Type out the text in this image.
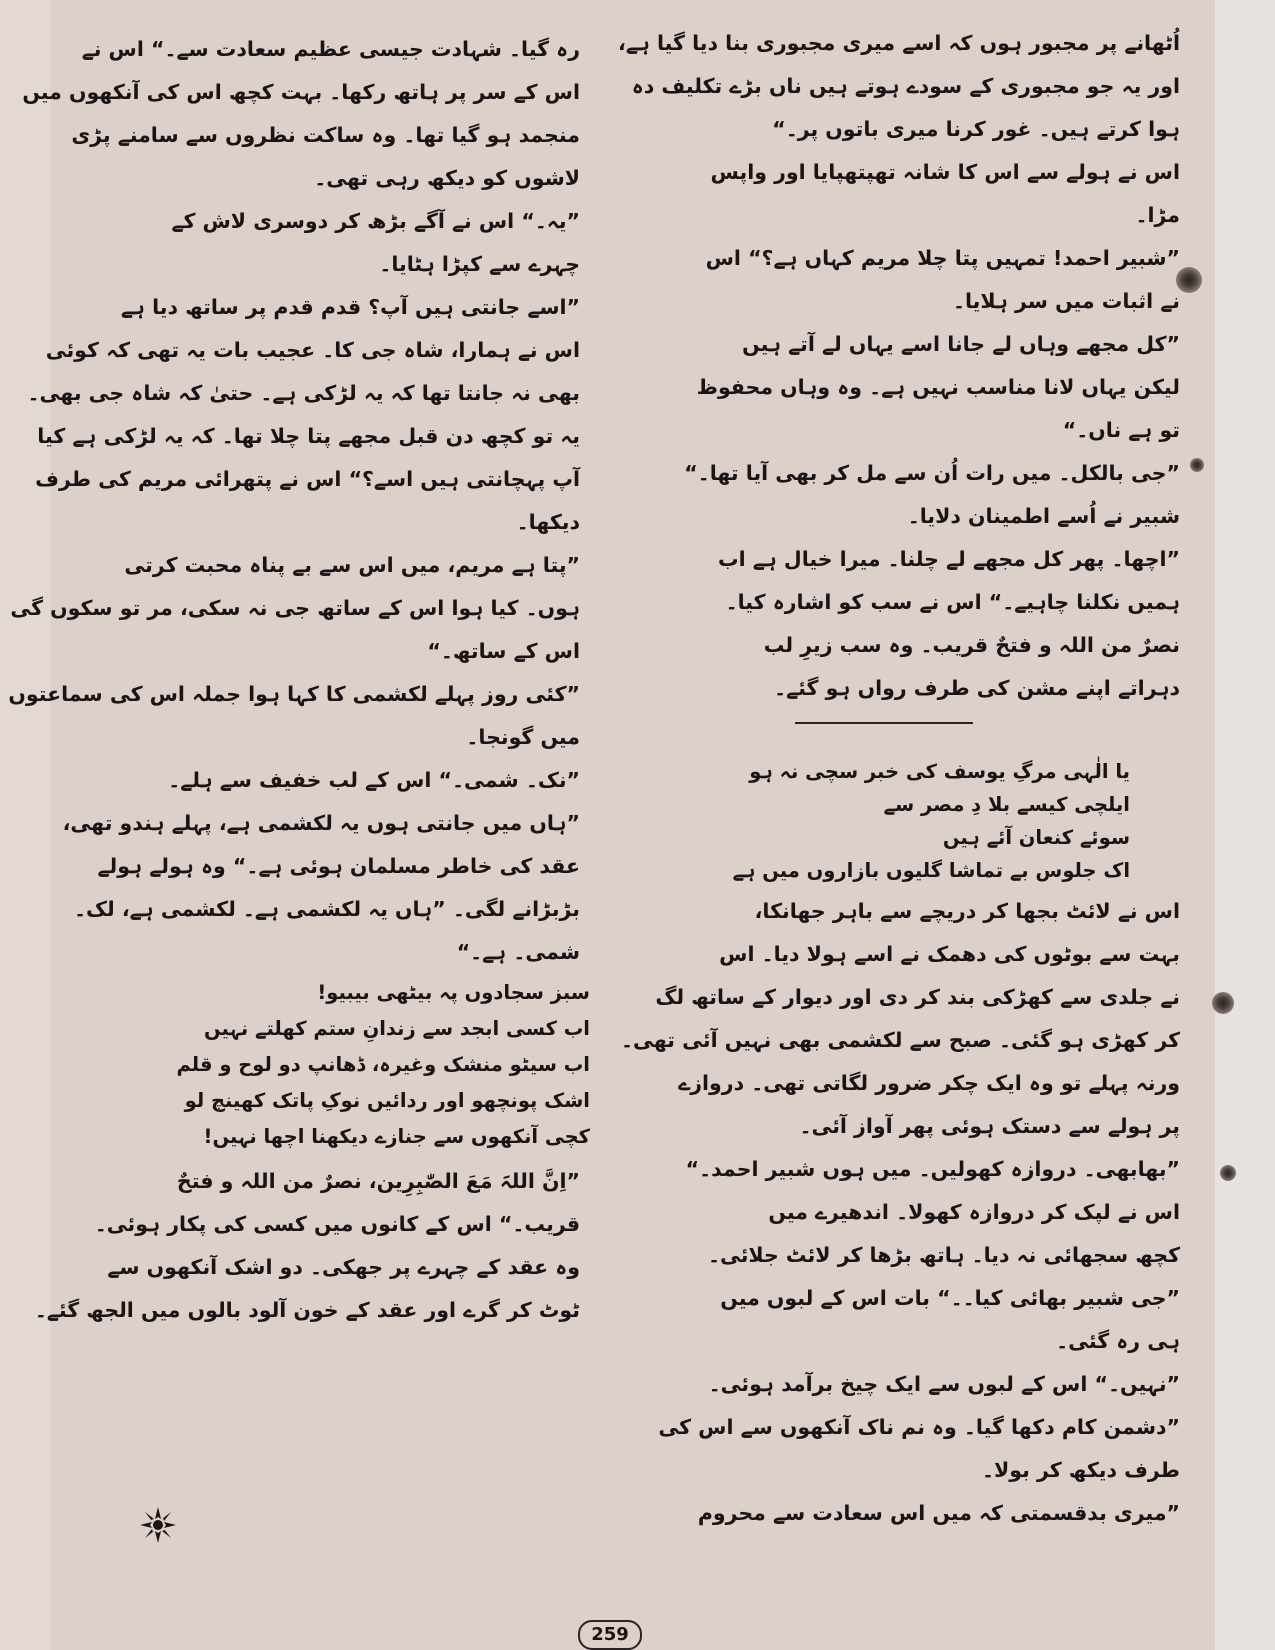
اُٹھانے پر مجبور ہوں کہ اسے میری مجبوری بنا دیا گیا ہے،
اور یہ جو مجبوری کے سودے ہوتے ہیں ناں بڑے تکلیف دہ
ہوا کرتے ہیں۔ غور کرنا میری باتوں پر۔“
اس نے ہولے سے اس کا شانہ تھپتھپایا اور واپس
مڑا۔
”شبیر احمد! تمہیں پتا چلا مریم کہاں ہے؟“ اس
نے اثبات میں سر ہلایا۔
”کل مجھے وہاں لے جانا اسے یہاں لے آتے ہیں
لیکن یہاں لانا مناسب نہیں ہے۔ وہ وہاں محفوظ
تو ہے ناں۔“
”جی بالکل۔ میں رات اُن سے مل کر بھی آیا تھا۔“
شبیر نے اُسے اطمینان دلایا۔
”اچھا۔ پھر کل مجھے لے چلنا۔ میرا خیال ہے اب
ہمیں نکلنا چاہیے۔“ اس نے سب کو اشارہ کیا۔
نصرٌ من اللہ و فتحٌ قریب۔ وہ سب زیرِ لب
دہراتے اپنے مشن کی طرف رواں ہو گئے۔
یا الٰہی مرگِ یوسف کی خبر سچی نہ ہو
ایلچی کیسے بلا دِ مصر سے
سوئے کنعان آئے ہیں
اک جلوس بے تماشا گلیوں بازاروں میں ہے
اس نے لائٹ بجھا کر دریچے سے باہر جھانکا،
بہت سے بوٹوں کی دھمک نے اسے ہولا دیا۔ اس
نے جلدی سے کھڑکی بند کر دی اور دیوار کے ساتھ لگ
کر کھڑی ہو گئی۔ صبح سے لکشمی بھی نہیں آئی تھی۔
ورنہ پہلے تو وہ ایک چکر ضرور لگاتی تھی۔ دروازے
پر ہولے سے دستک ہوئی پھر آواز آئی۔
”بھابھی۔ دروازہ کھولیں۔ میں ہوں شبیر احمد۔“
اس نے لپک کر دروازہ کھولا۔ اندھیرے میں
کچھ سجھائی نہ دیا۔ ہاتھ بڑھا کر لائٹ جلائی۔
”جی شبیر بھائی کیا۔۔“ بات اس کے لبوں میں
ہی رہ گئی۔
”نہیں۔“ اس کے لبوں سے ایک چیخ برآمد ہوئی۔
”دشمن کام دکھا گیا۔ وہ نم ناک آنکھوں سے اس کی
طرف دیکھ کر بولا۔
”میری بدقسمتی کہ میں اس سعادت سے محروم
رہ گیا۔ شہادت جیسی عظیم سعادت سے۔“ اس نے
اس کے سر پر ہاتھ رکھا۔ بہت کچھ اس کی آنکھوں میں
منجمد ہو گیا تھا۔ وہ ساکت نظروں سے سامنے پڑی
لاشوں کو دیکھ رہی تھی۔
”یہ۔“ اس نے آگے بڑھ کر دوسری لاش کے
چہرے سے کپڑا ہٹایا۔
”اسے جانتی ہیں آپ؟ قدم قدم پر ساتھ دیا ہے
اس نے ہمارا، شاہ جی کا۔ عجیب بات یہ تھی کہ کوئی
بھی نہ جانتا تھا کہ یہ لڑکی ہے۔ حتیٰ کہ شاہ جی بھی۔
یہ تو کچھ دن قبل مجھے پتا چلا تھا۔ کہ یہ لڑکی ہے کیا
آپ پہچانتی ہیں اسے؟“ اس نے پتھرائی مریم کی طرف
دیکھا۔
”پتا ہے مریم، میں اس سے بے پناہ محبت کرتی
ہوں۔ کیا ہوا اس کے ساتھ جی نہ سکی، مر تو سکوں گی
اس کے ساتھ۔“
”کئی روز پہلے لکشمی کا کہا ہوا جملہ اس کی سماعتوں
میں گونجا۔
”نک۔ شمی۔“ اس کے لب خفیف سے ہلے۔
”ہاں میں جانتی ہوں یہ لکشمی ہے، پہلے ہندو تھی،
عقد کی خاطر مسلمان ہوئی ہے۔“ وہ ہولے ہولے
بڑبڑانے لگی۔ ”ہاں یہ لکشمی ہے۔ لکشمی ہے، لک۔
شمی۔ ہے۔“
سبز سجادوں پہ بیٹھی بیبیو!
اب کسی ابجد سے زندانِ ستم کھلتے نہیں
اب سیٹو منشک وغیرہ، ڈھانپ دو لوح و قلم
اشک پونچھو اور ردائیں نوکِ پاتک کھینچ لو
کچی آنکھوں سے جنازے دیکھنا اچھا نہیں!
”اِنَّ اللہَ مَعَ الصّٰبِرِین، نصرٌ من اللہ و فتحٌ
قریب۔“ اس کے کانوں میں کسی کی پکار ہوئی۔
وہ عقد کے چہرے پر جھکی۔ دو اشک آنکھوں سے
ٹوٹ کر گرے اور عقد کے خون آلود بالوں میں الجھ گئے۔
259
